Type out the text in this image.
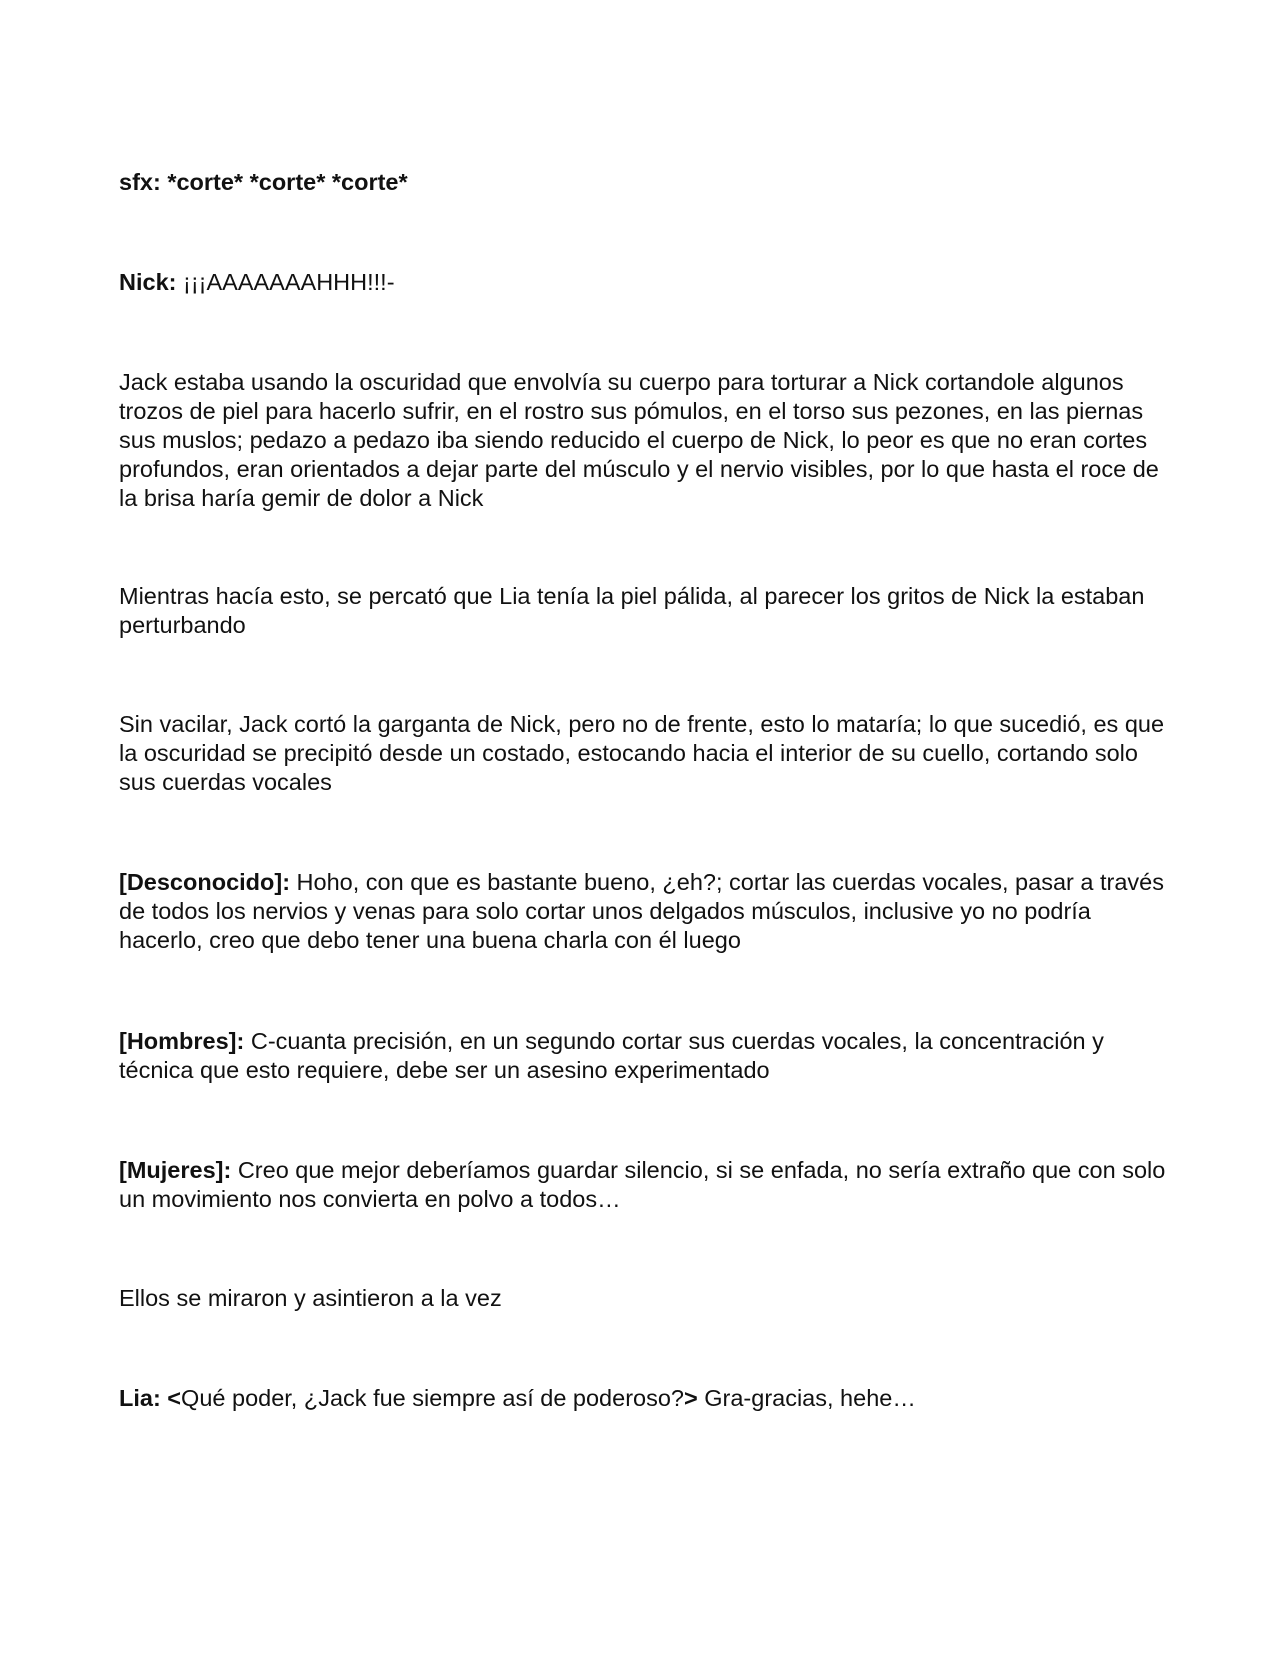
sfx: *corte* *corte* *corte*

Nick: ¡¡¡AAAAAAAHHH!!!-

Jack estaba usando la oscuridad que envolvía su cuerpo para torturar a Nick cortandole algunos trozos de piel para hacerlo sufrir, en el rostro sus pómulos, en el torso sus pezones, en las piernas sus muslos; pedazo a pedazo iba siendo reducido el cuerpo de Nick, lo peor es que no eran cortes profundos, eran orientados a dejar parte del músculo y el nervio visibles, por lo que hasta el roce de la brisa haría gemir de dolor a Nick

Mientras hacía esto, se percató que Lia tenía la piel pálida, al parecer los gritos de Nick la estaban perturbando

Sin vacilar, Jack cortó la garganta de Nick, pero no de frente, esto lo mataría; lo que sucedió, es que la oscuridad se precipitó desde un costado, estocando hacia el interior de su cuello, cortando solo sus cuerdas vocales

[Desconocido]: Hoho, con que es bastante bueno, ¿eh?; cortar las cuerdas vocales, pasar a través de todos los nervios y venas para solo cortar unos delgados músculos, inclusive yo no podría hacerlo, creo que debo tener una buena charla con él luego

[Hombres]: C-cuanta precisión, en un segundo cortar sus cuerdas vocales, la concentración y técnica que esto requiere, debe ser un asesino experimentado

[Mujeres]: Creo que mejor deberíamos guardar silencio, si se enfada, no sería extraño que con solo un movimiento nos convierta en polvo a todos…

Ellos se miraron y asintieron a la vez

Lia: <Qué poder, ¿Jack fue siempre así de poderoso?> Gra-gracias, hehe…
